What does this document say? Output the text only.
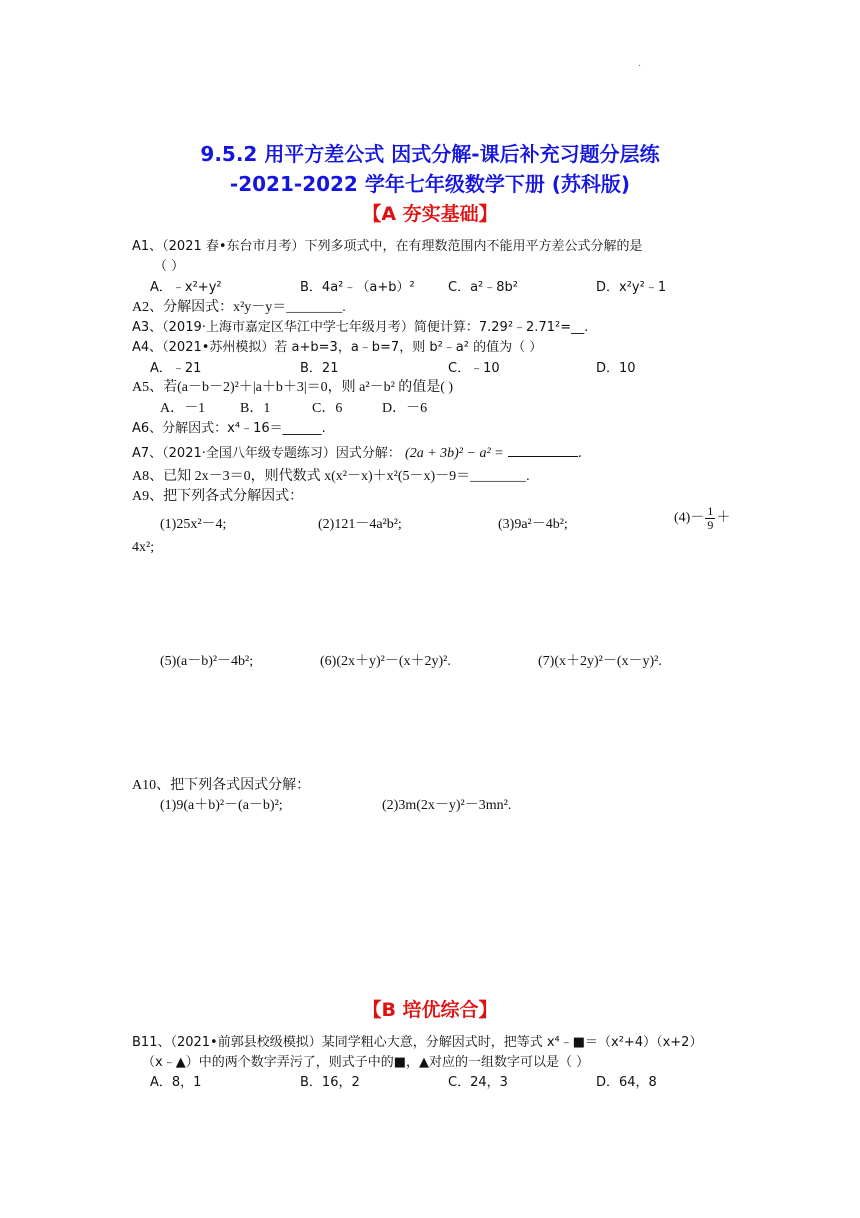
.
9.5.2 用平方差公式 因式分解-课后补充习题分层练
-2021-2022 学年七年级数学下册 (苏科版)
【A 夯实基础】
A1、（2021 春•东台市月考）下列多项式中，在有理数范围内不能用平方差公式分解的是
（ ）
A．﹣x²+y²	B．4a²﹣（a+b）²	C．a²﹣8b²	D．x²y²﹣1
A2、分解因式：x²y－y＝________.
A3、（2019·上海市嘉定区华江中学七年级月考）简便计算：7.29²﹣2.71²=__.
A4、（2021•苏州模拟）若 a+b=3，a﹣b=7，则 b²﹣a² 的值为（ ）
A．﹣21	B．21	C．﹣10	D．10
A5、若(a－b－2)²＋|a＋b＋3|＝0，则 a²－b² 的值是( )
A．－1 B．1	C．6	D．－6
A6、分解因式：x⁴﹣16＝______.
A7、（2021·全国八年级专题练习）因式分解： (2a + 3b)² − a² =	.
A8、已知 2x－3＝0，则代数式 x(x²－x)＋x²(5－x)－9＝________.
A9、把下列各式分解因式：
(1)25x²－4;	(2)121－4a²b²;	(3)9a²－4b²;	$(4)- \frac{1}{9}$ ＋
4x²;
(5)(a－b)²－4b²;	(6)(2x＋y)²－(x＋2y)².	(7)(x＋2y)²－(x－y)².
A10、把下列各式因式分解：
(1)9(a＋b)²－(a－b)²;	(2)3m(2x－y)²－3mn².
【B 培优综合】
B11、（2021•前郭县校级模拟）某同学粗心大意，分解因式时，把等式 x⁴﹣■＝（x²+4）（x+2）
（x﹣▲）中的两个数字弄污了，则式子中的■，▲对应的一组数字可以是（ ）
A．8，1	B．16，2	C．24，3	D．64，8
